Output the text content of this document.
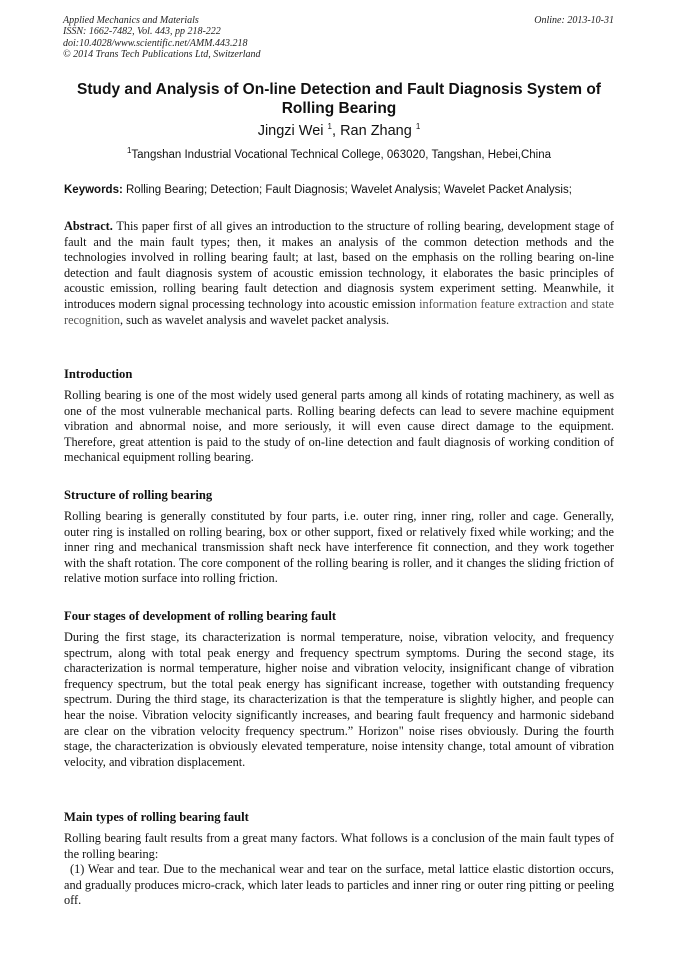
Applied Mechanics and Materials
ISSN: 1662-7482, Vol. 443, pp 218-222
doi:10.4028/www.scientific.net/AMM.443.218
© 2014 Trans Tech Publications Ltd, Switzerland
Online: 2013-10-31
Study and Analysis of On-line Detection and Fault Diagnosis System of Rolling Bearing
Jingzi Wei $^1$, Ran Zhang $^1$
$^1$Tangshan Industrial Vocational Technical College, 063020, Tangshan, Hebei,China
Keywords: Rolling Bearing; Detection; Fault Diagnosis; Wavelet Analysis; Wavelet Packet Analysis;
Abstract. This paper first of all gives an introduction to the structure of rolling bearing, development stage of fault and the main fault types; then, it makes an analysis of the common detection methods and the technologies involved in rolling bearing fault; at last, based on the emphasis on the rolling bearing on-line detection and fault diagnosis system of acoustic emission technology, it elaborates the basic principles of acoustic emission, rolling bearing fault detection and diagnosis system experiment setting. Meanwhile, it introduces modern signal processing technology into acoustic emission information feature extraction and state recognition, such as wavelet analysis and wavelet packet analysis.
Introduction
Rolling bearing is one of the most widely used general parts among all kinds of rotating machinery, as well as one of the most vulnerable mechanical parts. Rolling bearing defects can lead to severe machine equipment vibration and abnormal noise, and more seriously, it will even cause direct damage to the equipment. Therefore, great attention is paid to the study of on-line detection and fault diagnosis of working condition of mechanical equipment rolling bearing.
Structure of rolling bearing
Rolling bearing is generally constituted by four parts, i.e. outer ring, inner ring, roller and cage. Generally, outer ring is installed on rolling bearing, box or other support, fixed or relatively fixed while working; and the inner ring and mechanical transmission shaft neck have interference fit connection, and they work together with the shaft rotation. The core component of the rolling bearing is roller, and it changes the sliding friction of relative motion surface into rolling friction.
Four stages of development of rolling bearing fault
During the first stage, its characterization is normal temperature, noise, vibration velocity, and frequency spectrum, along with total peak energy and frequency spectrum symptoms. During the second stage, its characterization is normal temperature, higher noise and vibration velocity, insignificant change of vibration frequency spectrum, but the total peak energy has significant increase, together with outstanding frequency spectrum. During the third stage, its characterization is that the temperature is slightly higher, and people can hear the noise. Vibration velocity significantly increases, and bearing fault frequency and harmonic sideband are clear on the vibration velocity frequency spectrum.” Horizon" noise rises obviously. During the fourth stage, the characterization is obviously elevated temperature, noise intensity change, total amount of vibration velocity, and vibration displacement.
Main types of rolling bearing fault

Rolling bearing fault results from a great many factors. What follows is a conclusion of the main fault types of the rolling bearing:

(1) Wear and tear. Due to the mechanical wear and tear on the surface, metal lattice elastic distortion occurs, and gradually produces micro-crack, which later leads to particles and inner ring or outer ring pitting or peeling off.
